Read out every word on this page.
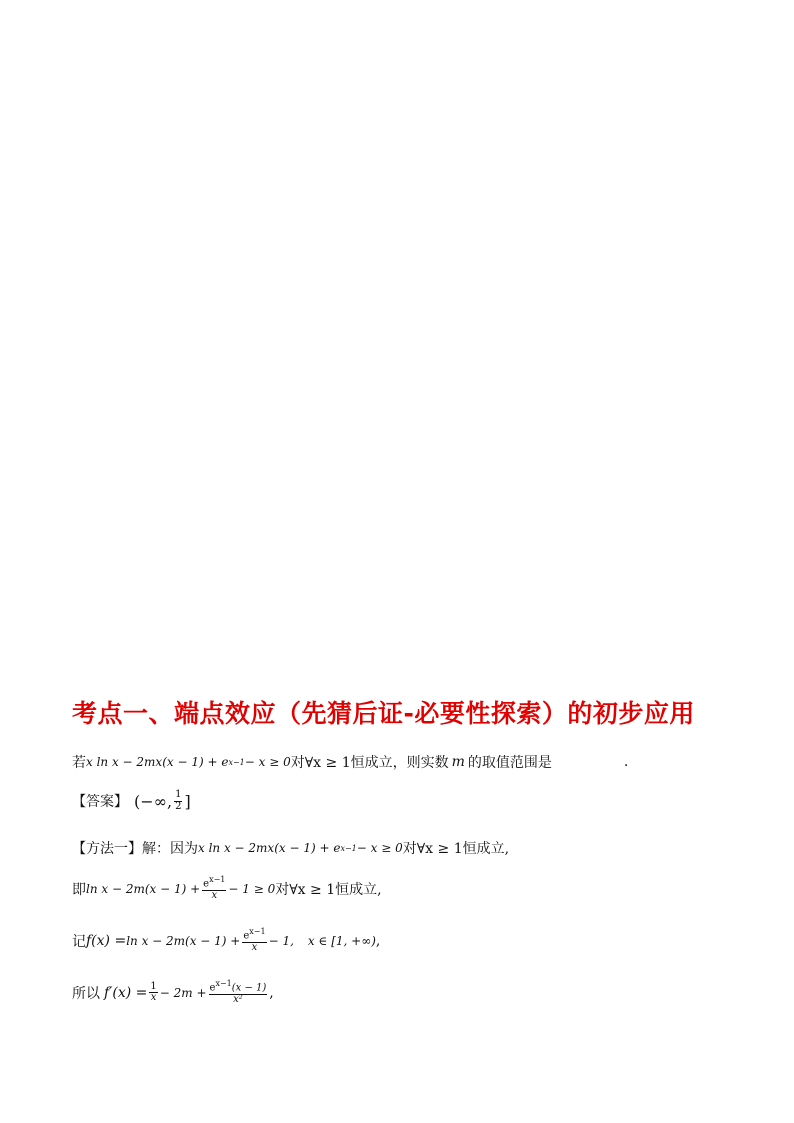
考点一、端点效应（先猜后证-必要性探索）的初步应用
若 x ln x − 2mx(x − 1) + e x−1 − x ≥ 0 对∀x ≥ 1恒成立，则实数 m 的取值范围是	.
【答案】 (−∞, $\frac{1}{2}$ ]
【方法一】解：因为 x ln x − 2mx(x − 1) + e x−1 − x ≥ 0 对∀x ≥ 1恒成立,
即 $\ln x - 2m(x - 1) + \frac{e^{x-1}}{x} - 1 \ge 0$ 对∀x ≥ 1恒成立,
记 $f(x) = \ln x - 2m(x - 1) + \frac{e^{x-1}}{x} - 1$, x ∈ [1, +∞) ,
所以 $f'(x) = \frac{1}{x} - 2m + \frac{e^{x-1}(x - 1)}{\text{x²}}$ ,
